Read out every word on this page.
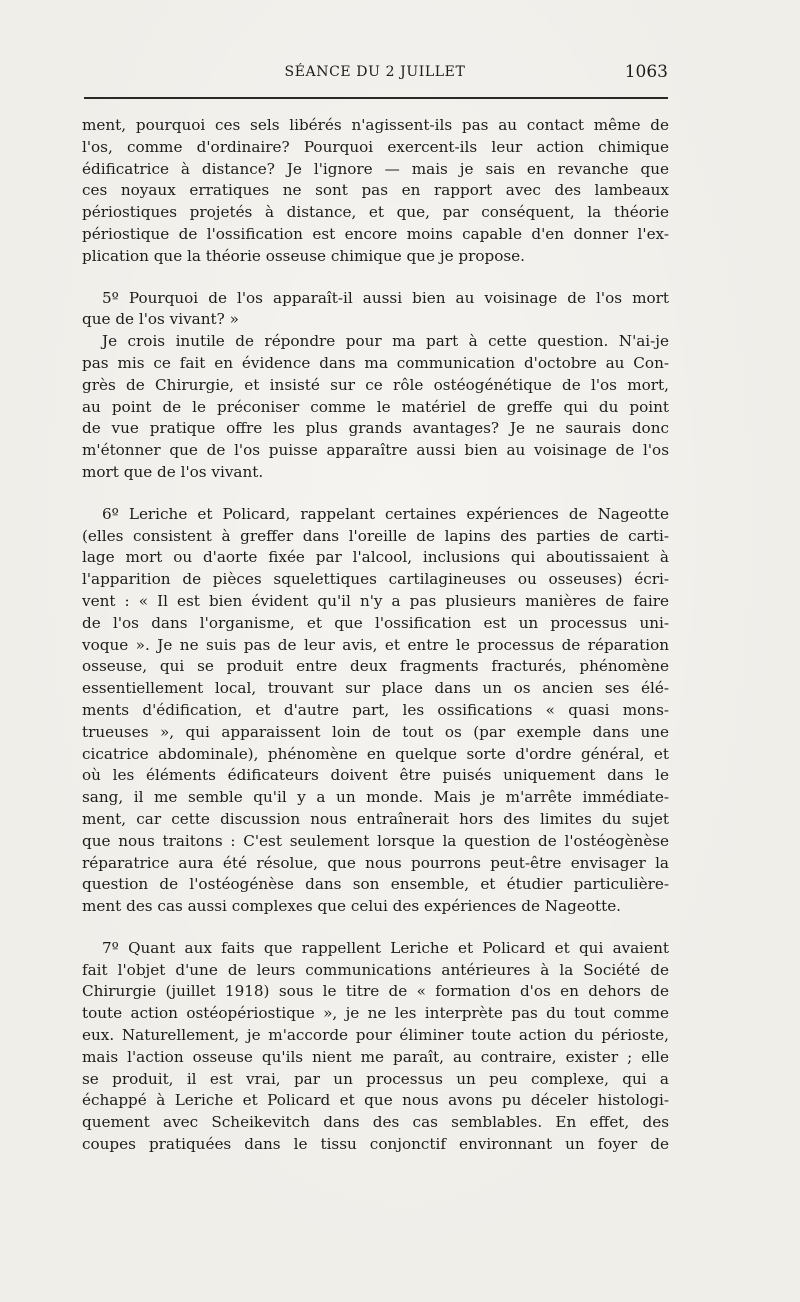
SÉANCE DU 2 JUILLET	1063
ment, pourquoi ces sels libérés n'agissent-ils pas au contact même de
l'os, comme d'ordinaire? Pourquoi exercent-ils leur action chimique
édificatrice à distance? Je l'ignore — mais je sais en revanche que
ces noyaux erratiques ne sont pas en rapport avec des lambeaux
périostiques projetés à distance, et que, par conséquent, la théorie
périostique de l'ossification est encore moins capable d'en donner l'ex-
plication que la théorie osseuse chimique que je propose.
5º Pourquoi de l'os apparaît-il aussi bien au voisinage de l'os mort
que de l'os vivant? »
Je crois inutile de répondre pour ma part à cette question. N'ai-je
pas mis ce fait en évidence dans ma communication d'octobre au Con-
grès de Chirurgie, et insisté sur ce rôle ostéogénétique de l'os mort,
au point de le préconiser comme le matériel de greffe qui du point
de vue pratique offre les plus grands avantages? Je ne saurais donc
m'étonner que de l'os puisse apparaître aussi bien au voisinage de l'os
mort que de l'os vivant.
6º Leriche et Policard, rappelant certaines expériences de Nageotte
(elles consistent à greffer dans l'oreille de lapins des parties de carti-
lage mort ou d'aorte fixée par l'alcool, inclusions qui aboutissaient à
l'apparition de pièces squelettiques cartilagineuses ou osseuses) écri-
vent : « Il est bien évident qu'il n'y a pas plusieurs manières de faire
de l'os dans l'organisme, et que l'ossification est un processus uni-
voque ». Je ne suis pas de leur avis, et entre le processus de réparation
osseuse, qui se produit entre deux fragments fracturés, phénomène
essentiellement local, trouvant sur place dans un os ancien ses élé-
ments d'édification, et d'autre part, les ossifications « quasi mons-
trueuses », qui apparaissent loin de tout os (par exemple dans une
cicatrice abdominale), phénomène en quelque sorte d'ordre général, et
où les éléments édificateurs doivent être puisés uniquement dans le
sang, il me semble qu'il y a un monde. Mais je m'arrête immédiate-
ment, car cette discussion nous entraînerait hors des limites du sujet
que nous traitons : C'est seulement lorsque la question de l'ostéogènèse
réparatrice aura été résolue, que nous pourrons peut-être envisager la
question de l'ostéogénèse dans son ensemble, et étudier particulière-
ment des cas aussi complexes que celui des expériences de Nageotte.
7º Quant aux faits que rappellent Leriche et Policard et qui avaient
fait l'objet d'une de leurs communications antérieures à la Société de
Chirurgie (juillet 1918) sous le titre de « formation d'os en dehors de
toute action ostéopériostique », je ne les interprète pas du tout comme
eux. Naturellement, je m'accorde pour éliminer toute action du périoste,
mais l'action osseuse qu'ils nient me paraît, au contraire, exister ; elle
se produit, il est vrai, par un processus un peu complexe, qui a
échappé à Leriche et Policard et que nous avons pu déceler histologi-
quement avec Scheikevitch dans des cas semblables. En effet, des
coupes pratiquées dans le tissu conjonctif environnant un foyer de
